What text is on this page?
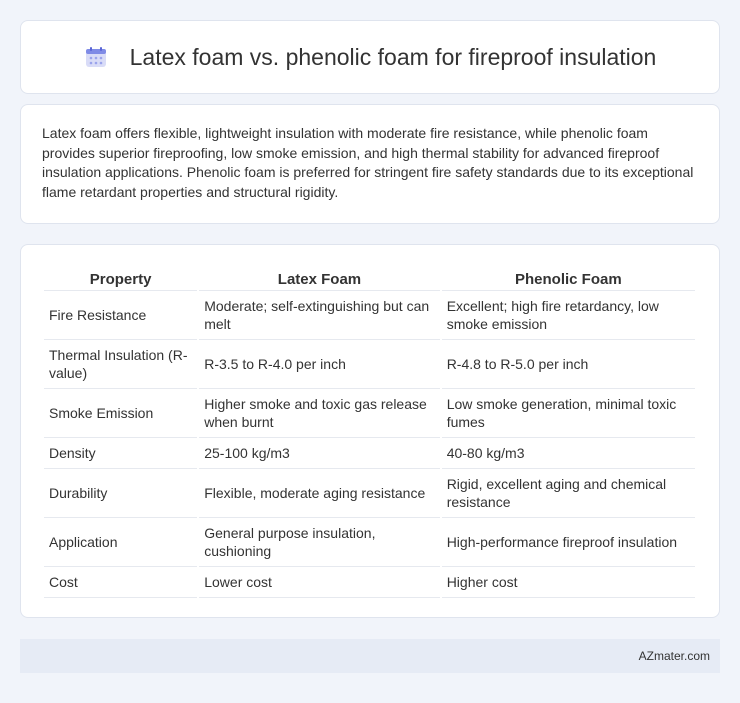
Latex foam vs. phenolic foam for fireproof insulation

Latex foam offers flexible, lightweight insulation with moderate fire resistance, while phenolic foam provides superior fireproofing, low smoke emission, and high thermal stability for advanced fireproof insulation applications. Phenolic foam is preferred for stringent fire safety standards due to its exceptional flame retardant properties and structural rigidity.

Property	Latex Foam	Phenolic Foam
Fire Resistance	Moderate; self-extinguishing but can melt	Excellent; high fire retardancy, low smoke emission
Thermal Insulation (R-value)	R-3.5 to R-4.0 per inch	R-4.8 to R-5.0 per inch
Smoke Emission	Higher smoke and toxic gas release when burnt	Low smoke generation, minimal toxic fumes
Density	25-100 kg/m3	40-80 kg/m3
Durability	Flexible, moderate aging resistance	Rigid, excellent aging and chemical resistance
Application	General purpose insulation, cushioning	High-performance fireproof insulation
Cost	Lower cost	Higher cost
AZmater.com
